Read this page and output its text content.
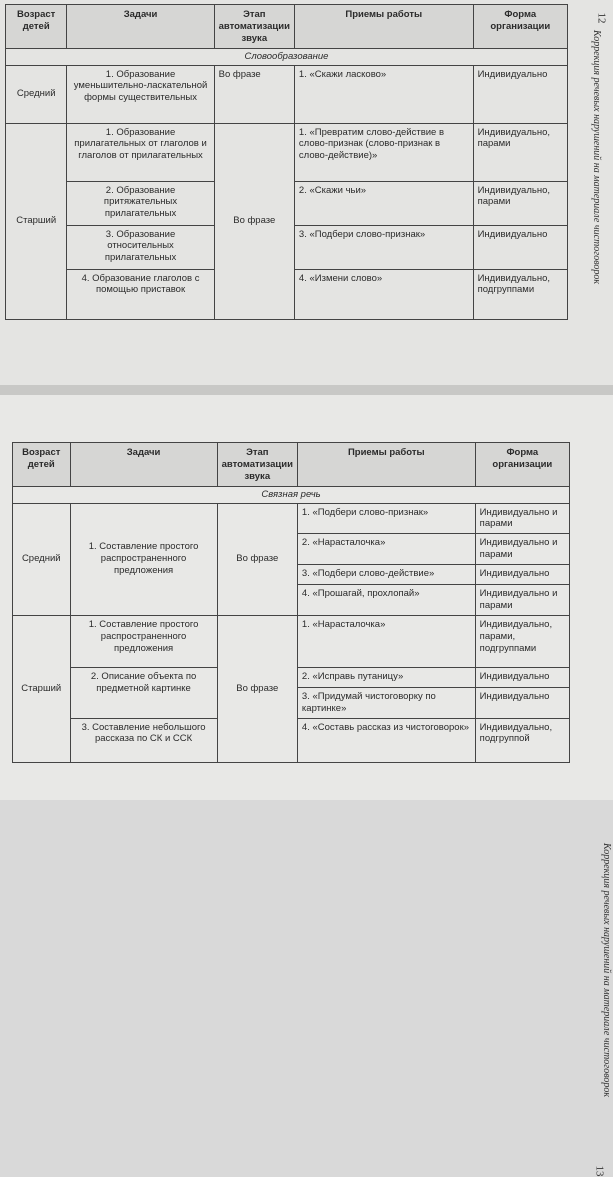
Возраст детей	Задачи	Этап автоматизации звука	Приемы работы	Форма организации
Словообразование				
Средний	1. Образование уменьшительно-ласкательной формы существительных	Во фразе	1. «Скажи ласково»	Индивидуально
Старший	1. Образование прилагательных от глаголов и глаголов от прилагательных	Во фразе	1. «Превратим слово-действие в слово-признак (слово-признак в слово-действие)»	Индивидуально, парами
	2. Образование притяжательных прилагательных		2. «Скажи чьи»	Индивидуально, парами
	3. Образование относительных прилагательных		3. «Подбери слово-признак»	Индивидуально
	4. Образование глаголов с помощью приставок		4. «Измени слово»	Индивидуально, подгруппами
12
Коррекция речевых нарушений на материале чистоговорок
13
Коррекция речевых нарушений на материале чистоговорок
Возраст детей	Задачи	Этап автоматизации звука	Приемы работы	Форма организации
Связная речь				
Средний	1. Составление простого распространенного предложения	Во фразе	1. «Подбери слово-признак»	Индивидуально и парами
			2. «Нарасталочка»	Индивидуально и парами
			3. «Подбери слово-действие»	Индивидуально
			4. «Прошагай, прохлопай»	Индивидуально и парами
Старший	1. Составление простого распространенного предложения	Во фразе	1. «Нарасталочка»	Индивидуально, парами, подгруппами
	2. Описание объекта по предметной картинке		2. «Исправь путаницу»	Индивидуально
			3. «Придумай чистоговорку по картинке»	Индивидуально
	3. Составление небольшого рассказа по СК и ССК		4. «Составь рассказ из чистоговорок»	Индивидуально, подгруппой
